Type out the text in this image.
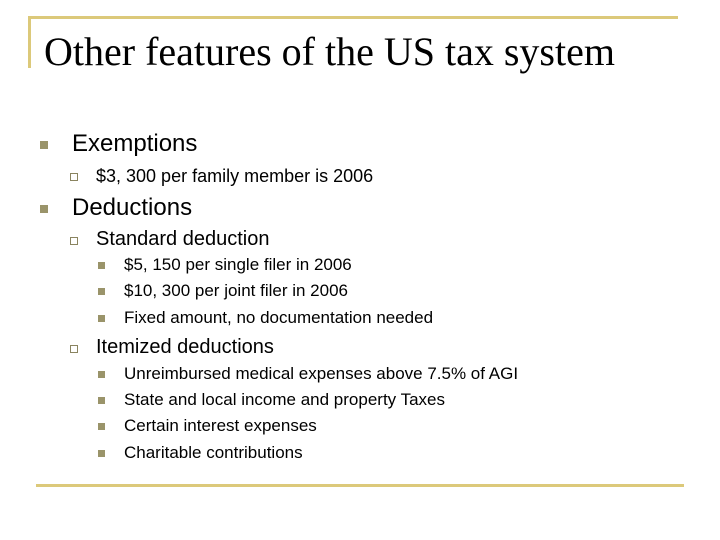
Other features of the US tax system
Exemptions
$3, 300 per family member is 2006
Deductions
Standard deduction
$5, 150 per single filer in 2006
$10, 300 per joint filer in 2006
Fixed amount, no documentation needed
Itemized deductions
Unreimbursed medical expenses above 7.5% of AGI
State and local income and property Taxes
Certain interest expenses
Charitable contributions
